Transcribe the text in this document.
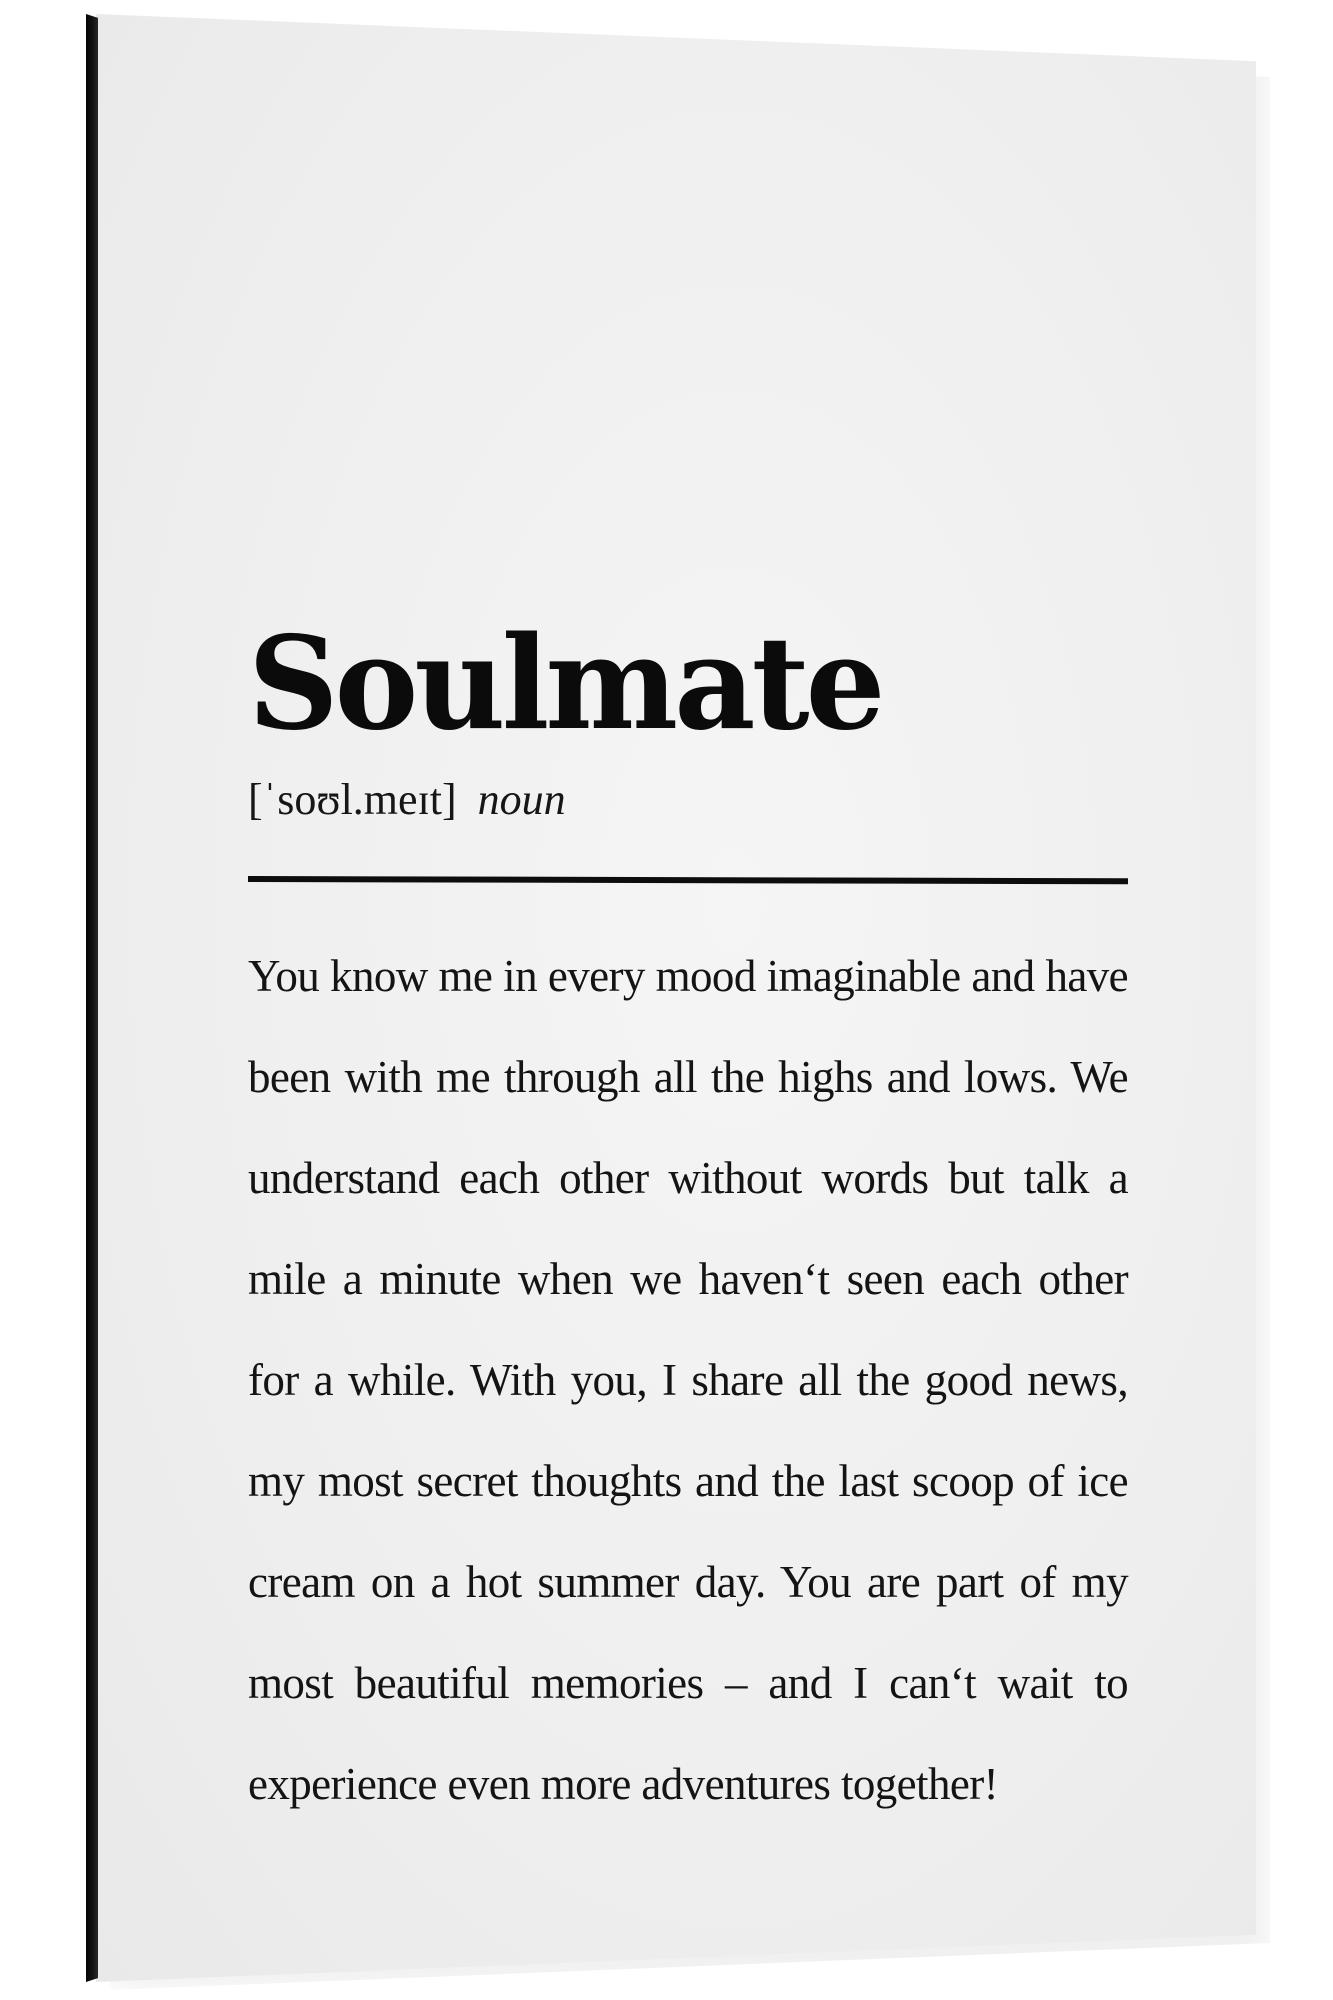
Soulmate
[ˈsoʊl.meɪt] noun

You know me in every mood imaginable and have been with me through all the highs and lows. We understand each other without words but talk a mile a minute when we haven‘t seen each other for a while. With you, I share all the good news, my most secret thoughts and the last scoop of ice cream on a hot summer day. You are part of my most beautiful memories – and I can‘t wait to experience even more adventures together!
